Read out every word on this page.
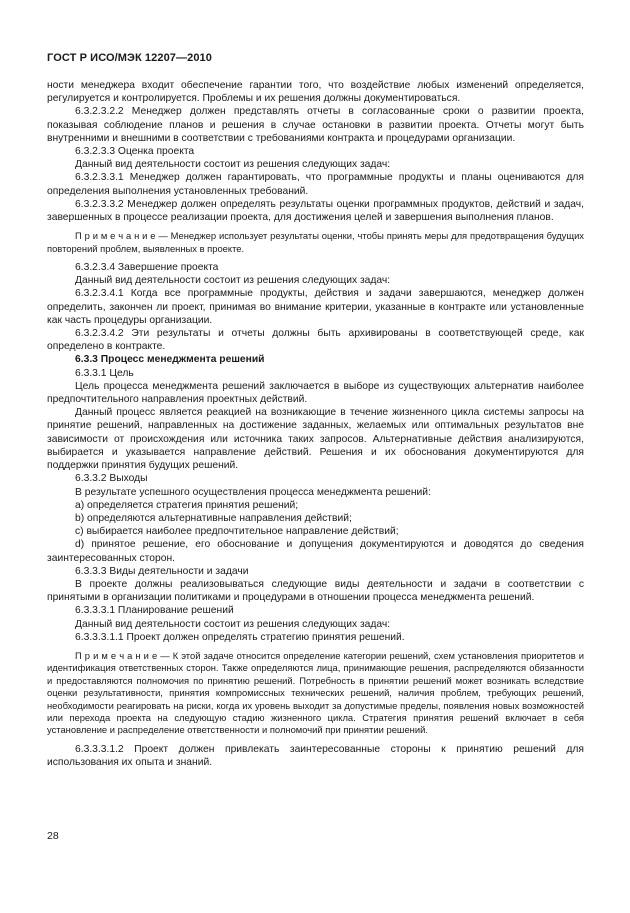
ГОСТ Р ИСО/МЭК 12207—2010

ности менеджера входит обеспечение гарантии того, что воздействие любых изменений определяется, регулируется и контролируется. Проблемы и их решения должны документироваться.

6.3.2.3.2.2 Менеджер должен представлять отчеты в согласованные сроки о развитии проекта, показывая соблюдение планов и решения в случае остановки в развитии проекта. Отчеты могут быть внутренними и внешними в соответствии с требованиями контракта и процедурами организации.

6.3.2.3.3 Оценка проекта

Данный вид деятельности состоит из решения следующих задач:

6.3.2.3.3.1 Менеджер должен гарантировать, что программные продукты и планы оцениваются для определения выполнения установленных требований.

6.3.2.3.3.2 Менеджер должен определять результаты оценки программных продуктов, действий и задач, завершенных в процессе реализации проекта, для достижения целей и завершения выполнения планов.

П р и м е ч а н и е — Менеджер использует результаты оценки, чтобы принять меры для предотвращения будущих повторений проблем, выявленных в проекте.

6.3.2.3.4 Завершение проекта

Данный вид деятельности состоит из решения следующих задач:

6.3.2.3.4.1 Когда все программные продукты, действия и задачи завершаются, менеджер должен определить, закончен ли проект, принимая во внимание критерии, указанные в контракте или установленные как часть процедуры организации.

6.3.2.3.4.2 Эти результаты и отчеты должны быть архивированы в соответствующей среде, как определено в контракте.

6.3.3 Процесс менеджмента решений

6.3.3.1 Цель

Цель процесса менеджмента решений заключается в выборе из существующих альтернатив наиболее предпочтительного направления проектных действий.

Данный процесс является реакцией на возникающие в течение жизненного цикла системы запросы на принятие решений, направленных на достижение заданных, желаемых или оптимальных результатов вне зависимости от происхождения или источника таких запросов. Альтернативные действия анализируются, выбирается и указывается направление действий. Решения и их обоснования документируются для поддержки принятия будущих решений.

6.3.3.2 Выходы

В результате успешного осуществления процесса менеджмента решений:

a) определяется стратегия принятия решений;

b) определяются альтернативные направления действий;

c) выбирается наиболее предпочтительное направление действий;

d) принятое решение, его обоснование и допущения документируются и доводятся до сведения заинтересованных сторон.

6.3.3.3 Виды деятельности и задачи

В проекте должны реализовываться следующие виды деятельности и задачи в соответствии с принятыми в организации политиками и процедурами в отношении процесса менеджмента решений.

6.3.3.3.1 Планирование решений

Данный вид деятельности состоит из решения следующих задач:

6.3.3.3.1.1 Проект должен определять стратегию принятия решений.

П р и м е ч а н и е — К этой задаче относится определение категории решений, схем установления приоритетов и идентификация ответственных сторон. Также определяются лица, принимающие решения, распределяются обязанности и предоставляются полномочия по принятию решений. Потребность в принятии решений может возникать вследствие оценки результативности, принятия компромиссных технических решений, наличия проблем, требующих решений, необходимости реагировать на риски, когда их уровень выходит за допустимые пределы, появления новых возможностей или перехода проекта на следующую стадию жизненного цикла. Стратегия принятия решений включает в себя установление и распределение ответственности и полномочий при принятии решений.

6.3.3.3.1.2 Проект должен привлекать заинтересованные стороны к принятию решений для использования их опыта и знаний.

28
